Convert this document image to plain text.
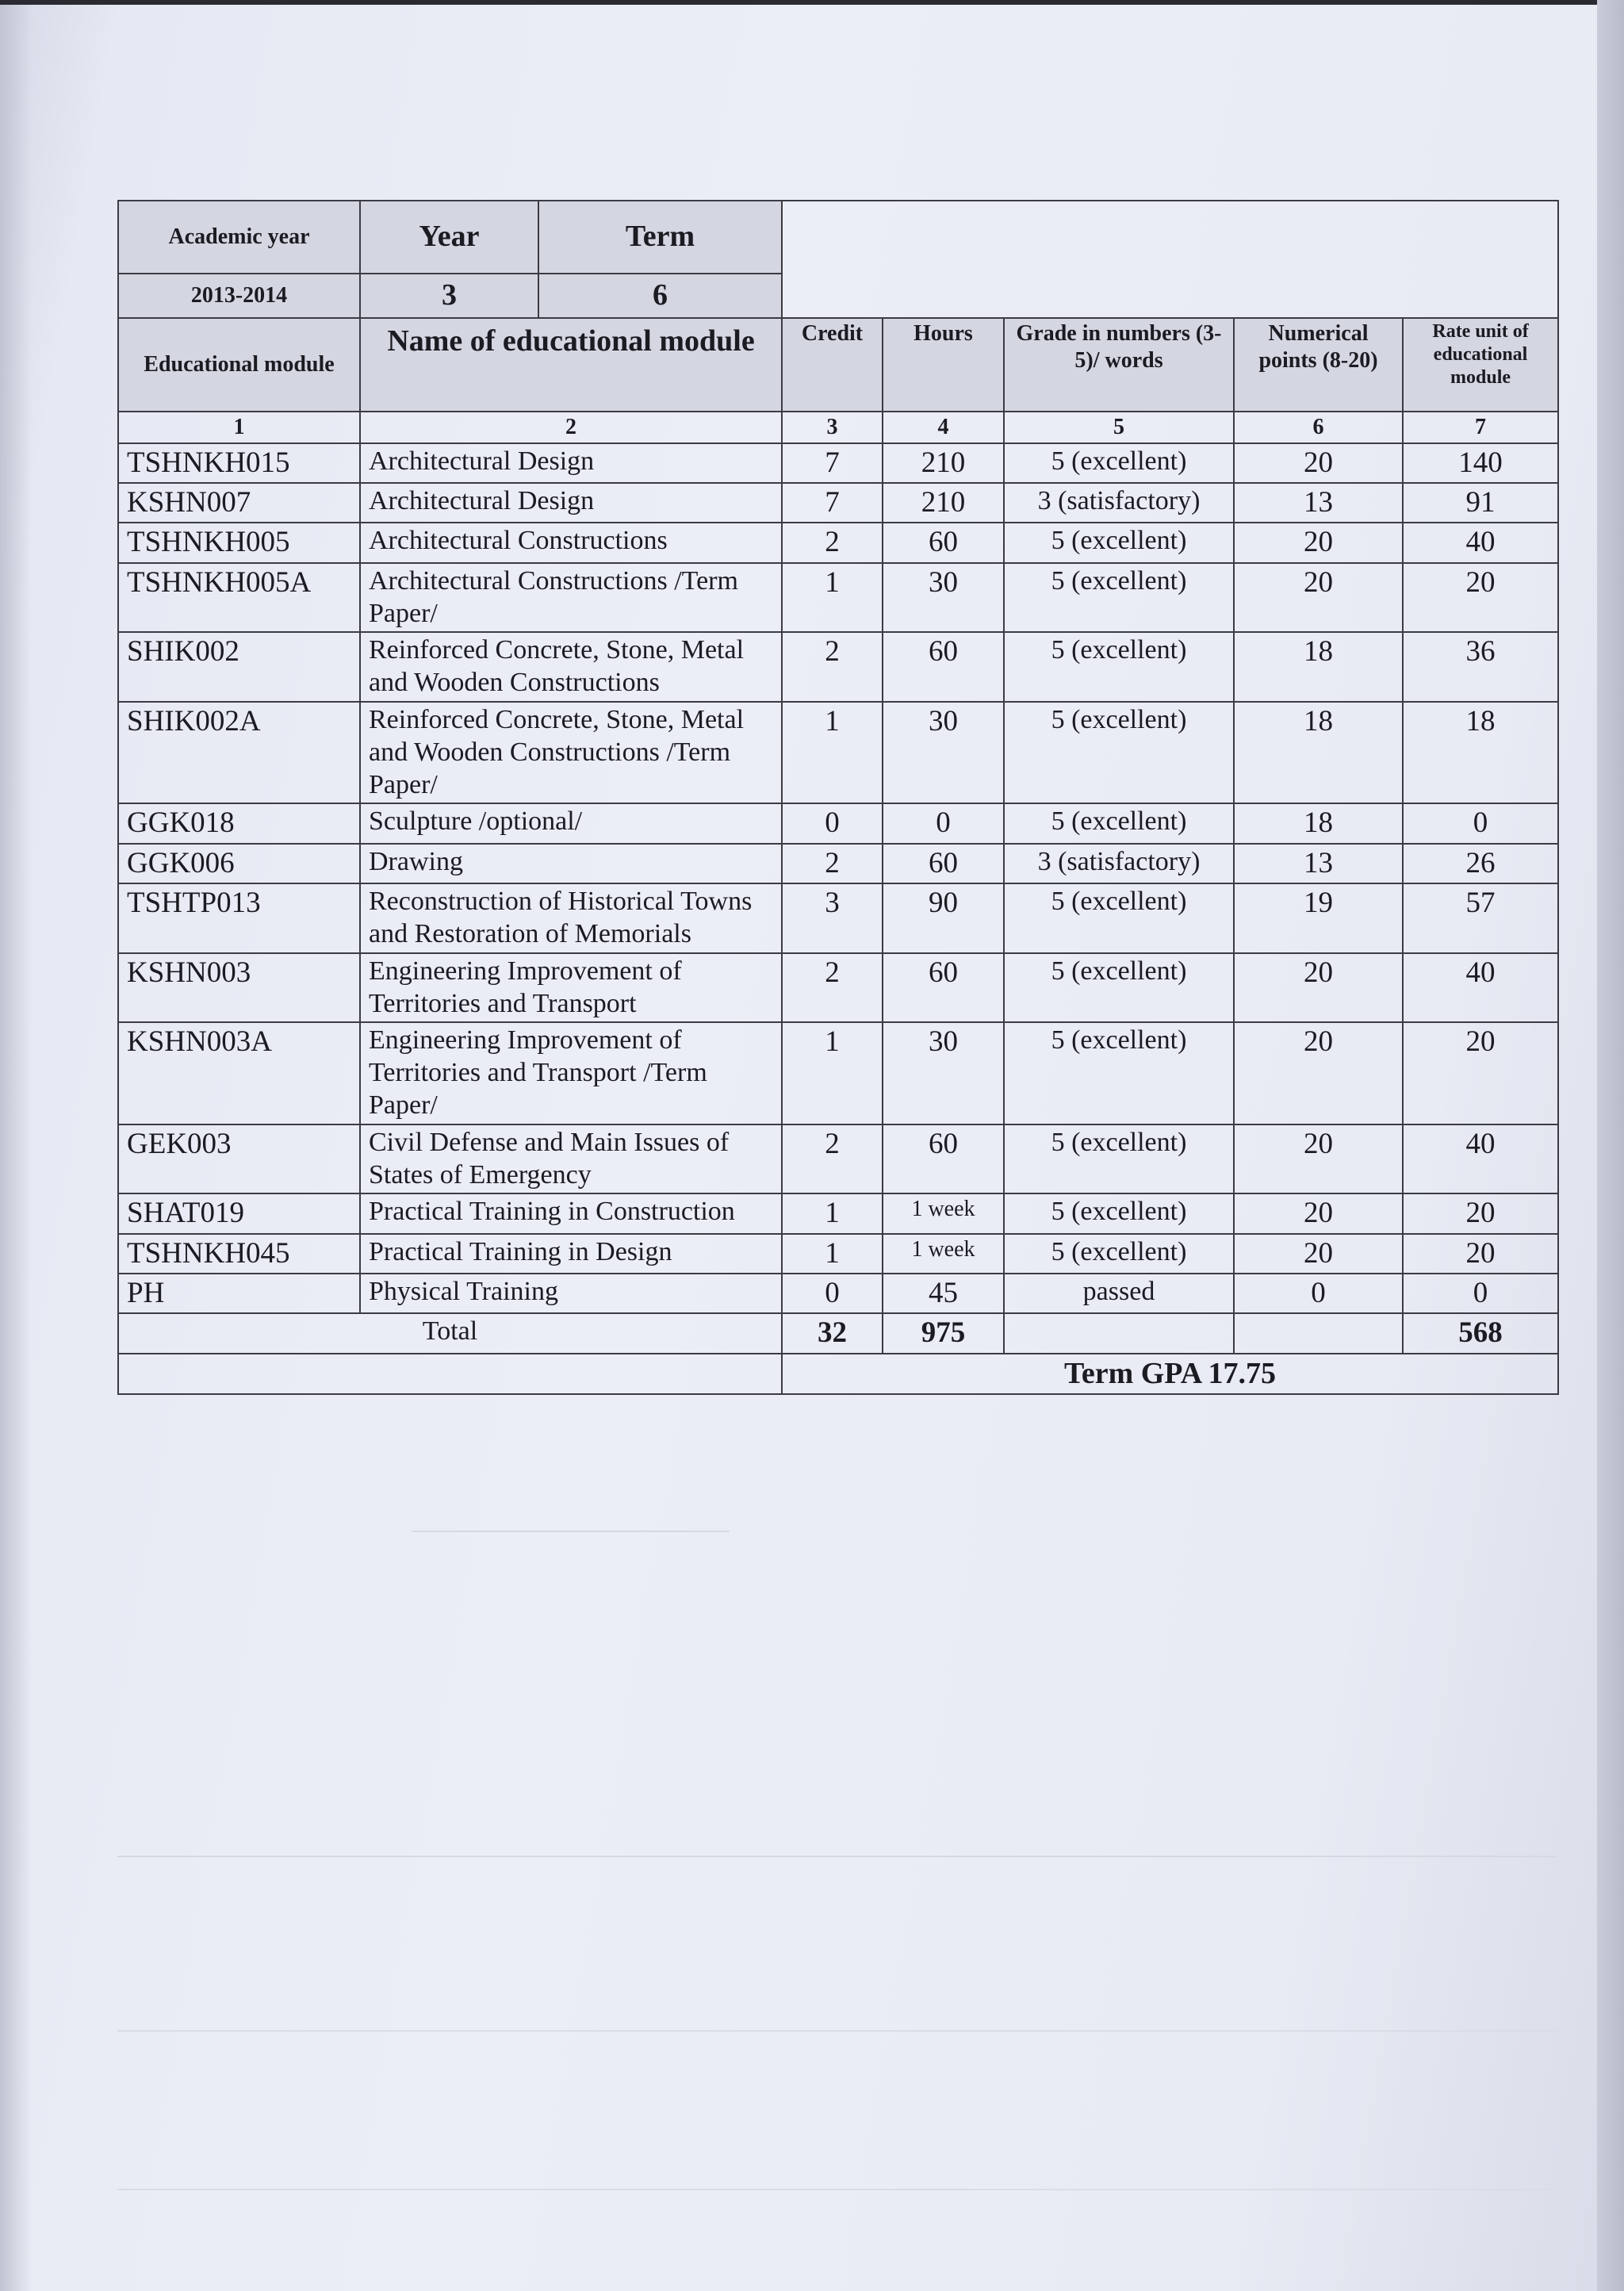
Academic year	Year	Term					
2013-2014	3	6					
Educational module	Name of educational module		Credit	Hours	Grade in numbers (3-5)/ words	Numerical points (8-20)	Rate unit of educational module
1	2		3	4	5	6	7
TSHNKH015	Architectural Design		7	210	5 (excellent)	20	140
KSHN007	Architectural Design		7	210	3 (satisfactory)	13	91
TSHNKH005	Architectural Constructions		2	60	5 (excellent)	20	40
TSHNKH005A	Architectural Constructions /Term Paper/		1	30	5 (excellent)	20	20
SHIK002	Reinforced Concrete, Stone, Metal and Wooden Constructions		2	60	5 (excellent)	18	36
SHIK002A	Reinforced Concrete, Stone, Metal and Wooden Constructions /Term Paper/		1	30	5 (excellent)	18	18
GGK018	Sculpture /optional/		0	0	5 (excellent)	18	0
GGK006	Drawing		2	60	3 (satisfactory)	13	26
TSHTP013	Reconstruction of Historical Towns and Restoration of Memorials		3	90	5 (excellent)	19	57
KSHN003	Engineering Improvement of Territories and Transport		2	60	5 (excellent)	20	40
KSHN003A	Engineering Improvement of Territories and Transport /Term Paper/		1	30	5 (excellent)	20	20
GEK003	Civil Defense and Main Issues of States of Emergency		2	60	5 (excellent)	20	40
SHAT019	Practical Training in Construction		1	1 week	5 (excellent)	20	20
TSHNKH045	Practical Training in Design		1	1 week	5 (excellent)	20	20
PH	Physical Training		0	45	passed	0	0
Total			32	975			568
			Term GPA 17.75				
